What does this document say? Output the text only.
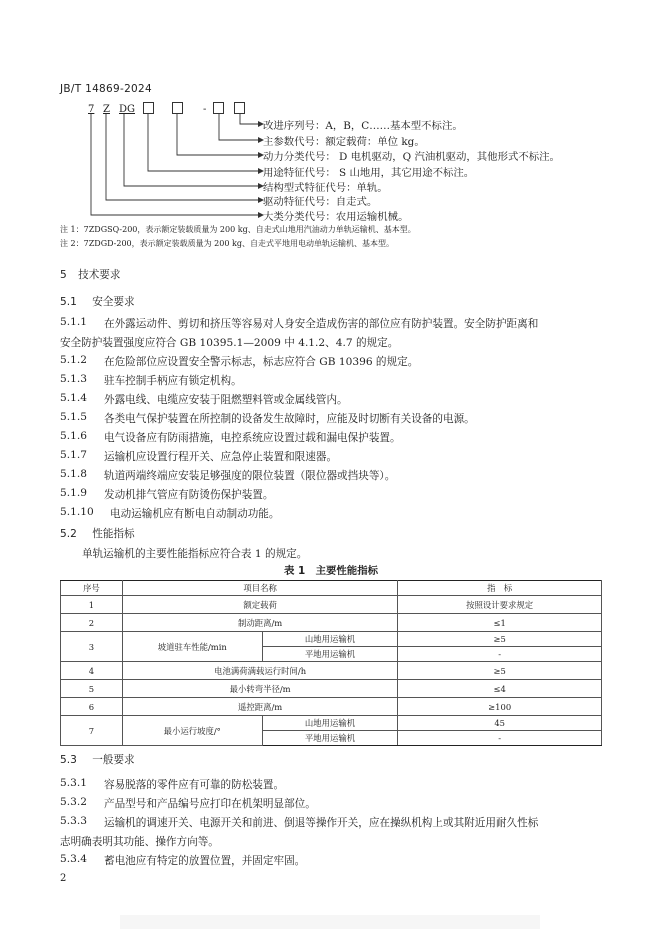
JB/T 14869-2024
7 Z DG	-
改进序列号：A，B，C……基本型不标注。
主参数代号：额定载荷：单位 kg。
动力分类代号： D 电机驱动，Q 汽油机驱动，其他形式不标注。
用途特征代号： S 山地用，其它用途不标注。
结构型式特征代号：单轨。
驱动特征代号：自走式。
大类分类代号：农用运输机械。
注 1：7ZDGSQ-200，表示额定装载质量为 200 kg、自走式山地用汽油动力单轨运输机、基本型。
注 2：7ZDGD-200，表示额定装载质量为 200 kg、自走式平地用电动单轨运输机、基本型。
5 技术要求
5.1 安全要求
5.1.1 在外露运动件、剪切和挤压等容易对人身安全造成伤害的部位应有防护装置。安全防护距离和
安全防护装置强度应符合 GB 10395.1—2009 中 4.1.2、4.7 的规定。
5.1.2 在危险部位应设置安全警示标志，标志应符合 GB 10396 的规定。
5.1.3 驻车控制手柄应有锁定机构。
5.1.4 外露电线、电缆应安装于阻燃塑料管或金属线管内。
5.1.5 各类电气保护装置在所控制的设备发生故障时，应能及时切断有关设备的电源。
5.1.6 电气设备应有防雨措施，电控系统应设置过载和漏电保护装置。
5.1.7 运输机应设置行程开关、应急停止装置和限速器。
5.1.8 轨道两端终端应安装足够强度的限位装置（限位器或挡块等）。
5.1.9 发动机排气管应有防烫伤保护装置。
5.1.10 电动运输机应有断电自动制动功能。
5.2 性能指标
单轨运输机的主要性能指标应符合表 1 的规定。
表 1　主要性能指标
序号	项目名称		指　标
1	额定载荷		按照设计要求规定
2	制动距离/m		≤1
3	坡道驻车性能/min	山地用运输机	≥5
		平地用运输机	-
4	电池满荷满载运行时间/h		≥5
5	最小转弯半径/m		≤4
6	遥控距离/m		≥100
7	最小运行坡度/°	山地用运输机	45
		平地用运输机	-
5.3 一般要求
5.3.1 容易脱落的零件应有可靠的防松装置。
5.3.2 产品型号和产品编号应打印在机架明显部位。
5.3.3 运输机的调速开关、电源开关和前进、倒退等操作开关，应在操纵机构上或其附近用耐久性标
志明确表明其功能、操作方向等。
5.3.4 蓄电池应有特定的放置位置，并固定牢固。
2
